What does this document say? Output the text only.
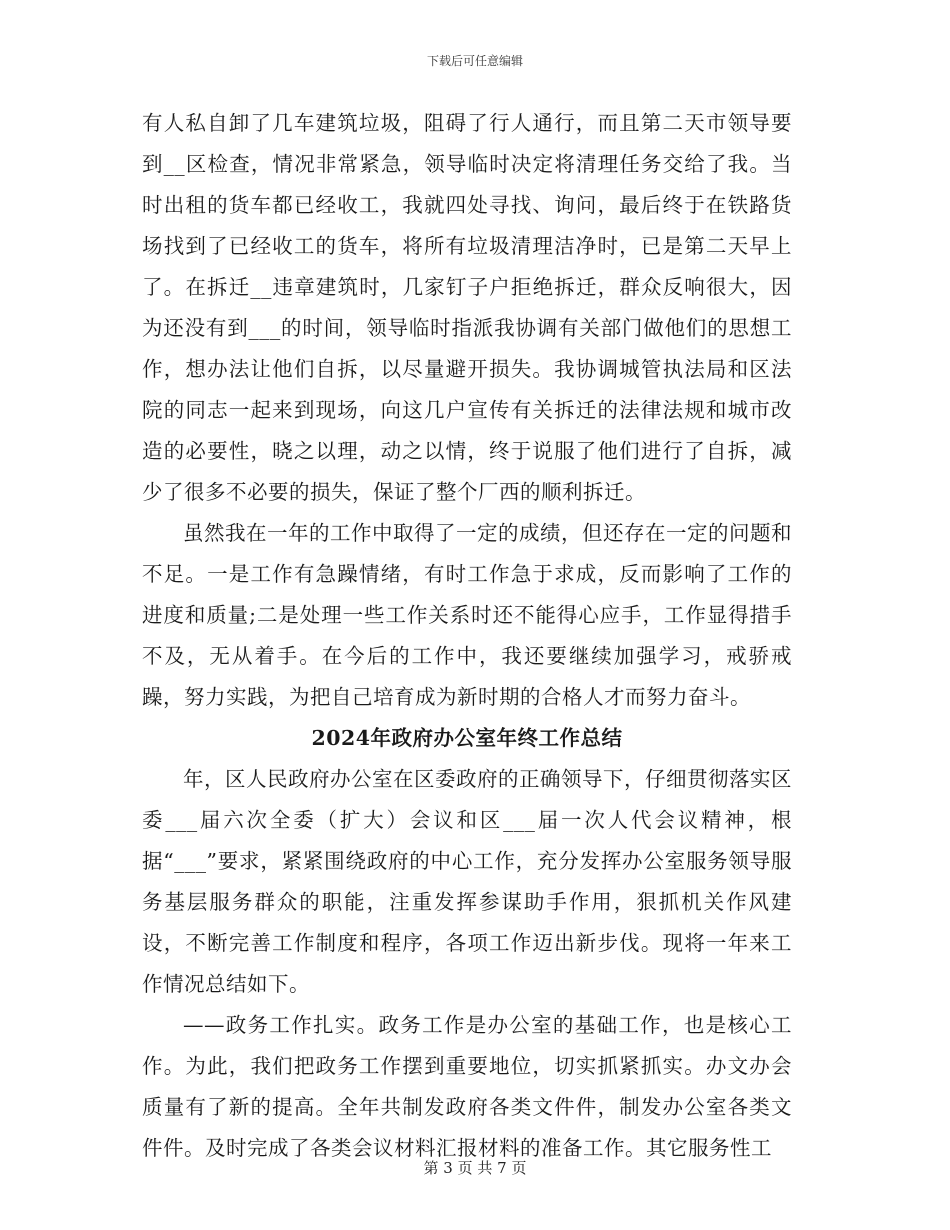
下载后可任意编辑

有人私自卸了几车建筑垃圾，阻碍了行人通行，而且第二天市领导要到__区检查，情况非常紧急，领导临时决定将清理任务交给了我。当时出租的货车都已经收工，我就四处寻找、询问，最后终于在铁路货场找到了已经收工的货车，将所有垃圾清理洁净时，已是第二天早上了。在拆迁__违章建筑时，几家钉子户拒绝拆迁，群众反响很大，因为还没有到___的时间，领导临时指派我协调有关部门做他们的思想工作，想办法让他们自拆，以尽量避开损失。我协调城管执法局和区法院的同志一起来到现场，向这几户宣传有关拆迁的法律法规和城市改造的必要性，晓之以理，动之以情，终于说服了他们进行了自拆，减少了很多不必要的损失，保证了整个厂西的顺利拆迁。

虽然我在一年的工作中取得了一定的成绩，但还存在一定的问题和不足。一是工作有急躁情绪，有时工作急于求成，反而影响了工作的进度和质量;二是处理一些工作关系时还不能得心应手，工作显得措手不及，无从着手。在今后的工作中，我还要继续加强学习，戒骄戒躁，努力实践，为把自己培育成为新时期的合格人才而努力奋斗。

2024年政府办公室年终工作总结

年，区人民政府办公室在区委政府的正确领导下，仔细贯彻落实区委___届六次全委（扩大）会议和区___届一次人代会议精神，根据“___”要求，紧紧围绕政府的中心工作，充分发挥办公室服务领导服务基层服务群众的职能，注重发挥参谋助手作用，狠抓机关作风建设，不断完善工作制度和程序，各项工作迈出新步伐。现将一年来工作情况总结如下。

——政务工作扎实。政务工作是办公室的基础工作，也是核心工作。为此，我们把政务工作摆到重要地位，切实抓紧抓实。办文办会质量有了新的提高。全年共制发政府各类文件件，制发办公室各类文件件。及时完成了各类会议材料汇报材料的准备工作。其它服务性工

第 3 页 共 7 页
